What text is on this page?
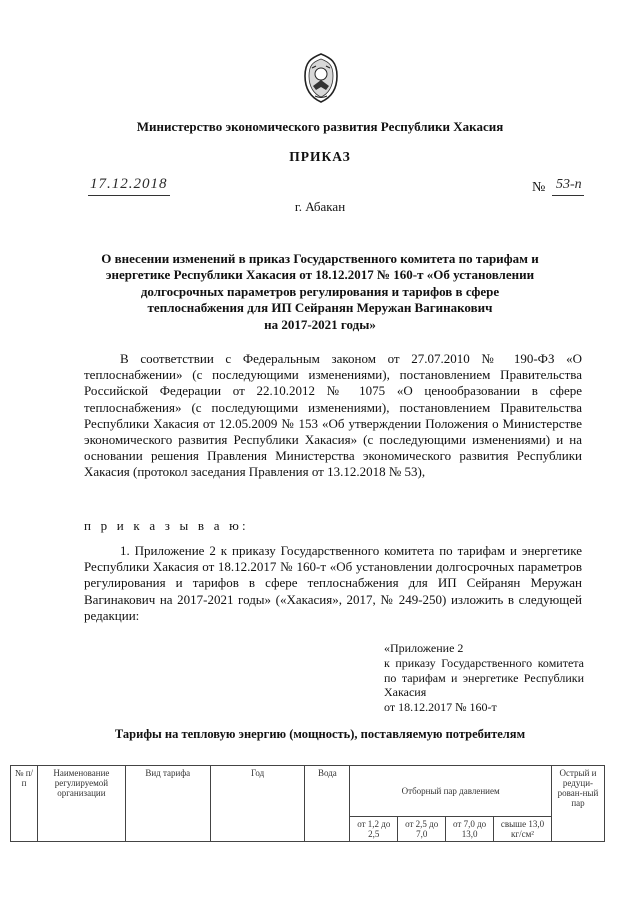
Министерство экономического развития Республики Хакасия
ПРИКАЗ
17.12.2018	№ 53-п
г. Абакан
О внесении изменений в приказ Государственного комитета по тарифам и
энергетике Республики Хакасия от 18.12.2017 № 160-т «Об установлении
долгосрочных параметров регулирования и тарифов в сфере
теплоснабжения для ИП Сейранян Меружан Вагинакович
на 2017-2021 годы»
В соответствии с Федеральным законом от 27.07.2010 № 190-ФЗ «О теплоснабжении» (с последующими изменениями), постановлением Правительства Российской Федерации от 22.10.2012 № 1075 «О ценообразовании в сфере теплоснабжения» (с последующими изменениями), постановлением Правительства Республики Хакасия от 12.05.2009 № 153 «Об утверждении Положения о Министерстве экономического развития Республики Хакасия» (с последующими изменениями) и на основании решения Правления Министерства экономического развития Республики Хакасия (протокол заседания Правления от 13.12.2018 № 53),
п р и к а з ы в а ю:
1. Приложение 2 к приказу Государственного комитета по тарифам и энергетике Республики Хакасия от 18.12.2017 № 160-т «Об установлении долгосрочных параметров регулирования и тарифов в сфере теплоснабжения для ИП Сейранян Меружан Вагинакович на 2017-2021 годы» («Хакасия», 2017, № 249-250) изложить в следующей редакции:
«Приложение 2
к приказу Государственного комитета по тарифам и энергетике Республики Хакасия
от 18.12.2017 № 160-т
Тарифы на тепловую энергию (мощность), поставляемую потребителям
№ п/п	Наименование регулируемой организации	Вид тарифа	Год	Вода	Отборный пар давлением				Острый и редуци-рован-ный пар
					от 1,2 до 2,5	от 2,5 до 7,0	от 7,0 до 13,0	свыше 13,0 кг/см²	
